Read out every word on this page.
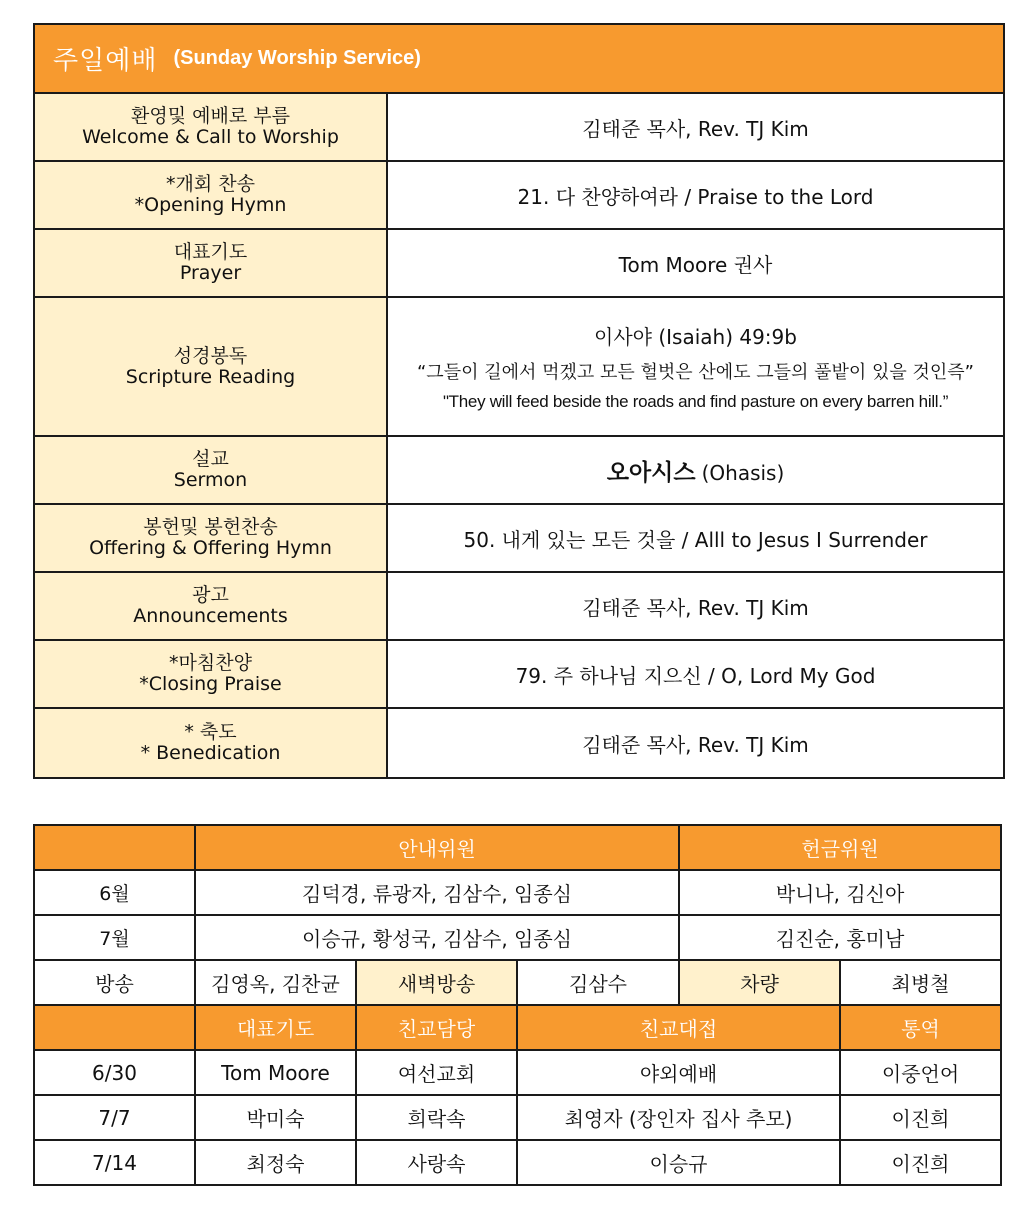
주일예배 (Sunday Worship Service)
환영및 예배로 부름
Welcome & Call to Worship	김태준 목사, Rev. TJ Kim
*개회 찬송
*Opening Hymn	21. 다 찬양하여라 / Praise to the Lord
대표기도
Prayer	Tom Moore 권사
성경봉독
Scripture Reading
이사야 (Isaiah) 49:9b
“그들이 길에서 먹겠고 모든 헐벗은 산에도 그들의 풀밭이 있을 것인즉”
"They will feed beside the roads and find pasture on every barren hill.”
설교
Sermon	오아시스 (Ohasis)
봉헌및 봉헌찬송
Offering & Offering Hymn	50. 내게 있는 모든 것을 / Alll to Jesus I Surrender
광고
Announcements	김태준 목사, Rev. TJ Kim
*마침찬양
*Closing Praise	79. 주 하나님 지으신 / O, Lord My God
* 축도
* Benedication	김태준 목사, Rev. TJ Kim
	안내위원			헌금위원	
6월	김덕경, 류광자, 김삼수, 임종심			박니나, 김신아	
7월	이승규, 황성국, 김삼수, 임종심			김진순, 홍미남	
방송	김영옥, 김찬균	새벽방송	김삼수	차량	최병철
	대표기도	친교담당	친교대접		통역
6/30	Tom Moore	여선교회	야외예배		이중언어
7/7	박미숙	희락속	최영자 (장인자 집사 추모)		이진희
7/14	최정숙	사랑속	이승규		이진희
